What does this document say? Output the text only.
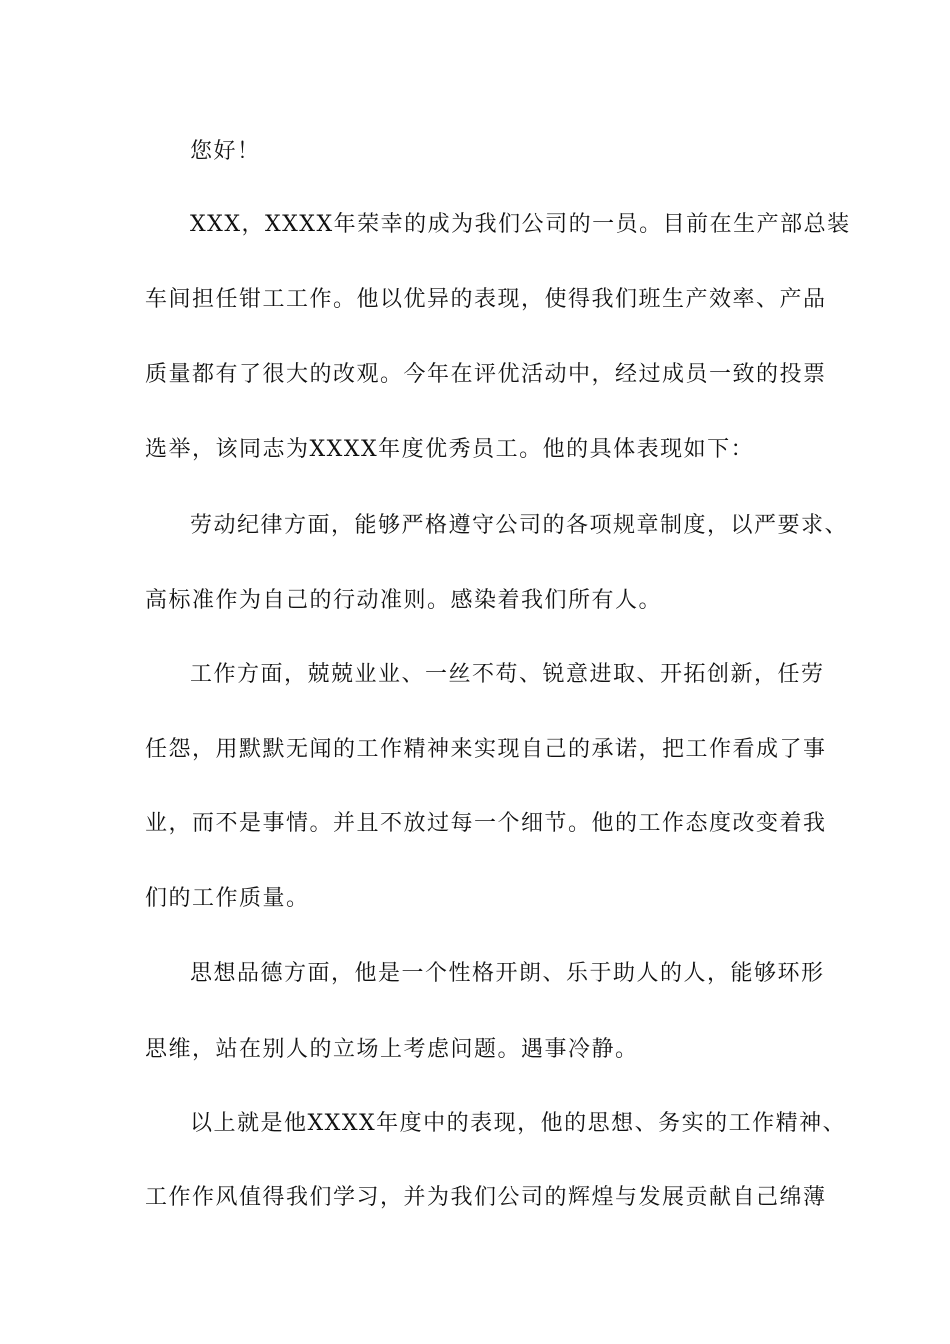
您好！
XXX，XXXX年荣幸的成为我们公司的一员。目前在生产部总装
车间担任钳工工作。他以优异的表现，使得我们班生产效率、产品
质量都有了很大的改观。今年在评优活动中，经过成员一致的投票
选举，该同志为XXXX年度优秀员工。他的具体表现如下：
劳动纪律方面，能够严格遵守公司的各项规章制度，以严要求、
高标准作为自己的行动准则。感染着我们所有人。
工作方面，兢兢业业、一丝不苟、锐意进取、开拓创新，任劳
任怨，用默默无闻的工作精神来实现自己的承诺，把工作看成了事
业，而不是事情。并且不放过每一个细节。他的工作态度改变着我
们的工作质量。
思想品德方面，他是一个性格开朗、乐于助人的人，能够环形
思维，站在别人的立场上考虑问题。遇事冷静。
以上就是他XXXX年度中的表现，他的思想、务实的工作精神、
工作作风值得我们学习，并为我们公司的辉煌与发展贡献自己绵薄
